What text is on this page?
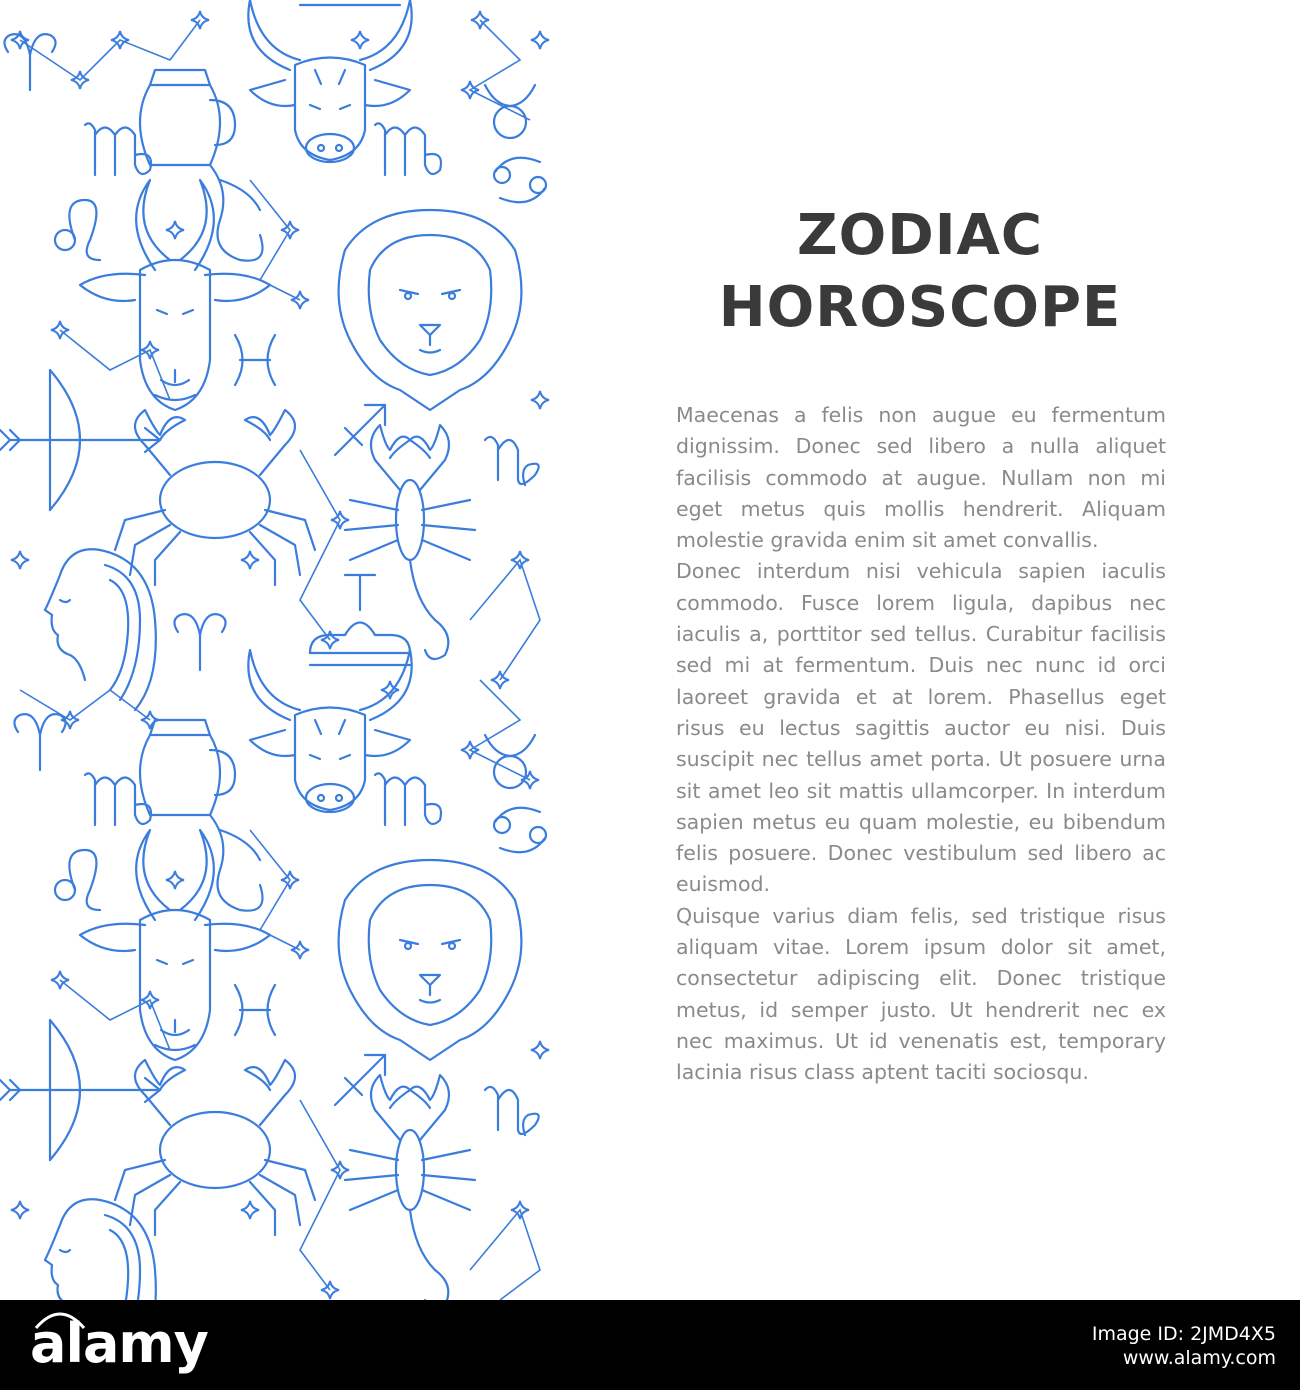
ZODIAC
HOROSCOPE

Maecenas a felis non augue eu fermentum dignissim. Donec sed libero a nulla aliquet facilisis commodo at augue. Nullam non mi eget metus quis mollis hendrerit. Aliquam molestie gravida enim sit amet convallis.

Donec interdum nisi vehicula sapien iaculis commodo. Fusce lorem ligula, dapibus nec iaculis a, porttitor sed tellus. Curabitur facilisis sed mi at fermentum. Duis nec nunc id orci laoreet gravida et at lorem. Phasellus eget risus eu lectus sagittis auctor eu nisi. Duis suscipit nec tellus amet porta. Ut posuere urna sit amet leo sit mattis ullamcorper. In interdum sapien metus eu quam molestie, eu bibendum felis posuere. Donec vestibulum sed libero ac euismod.

Quisque varius diam felis, sed tristique risus aliquam vitae. Lorem ipsum dolor sit amet, consectetur adipiscing elit. Donec tristique metus, id semper justo. Ut hendrerit nec ex nec maximus. Ut id venenatis est, temporary lacinia risus class aptent taciti sociosqu.

alamy	Image ID: 2JMD4X5
www.alamy.com
